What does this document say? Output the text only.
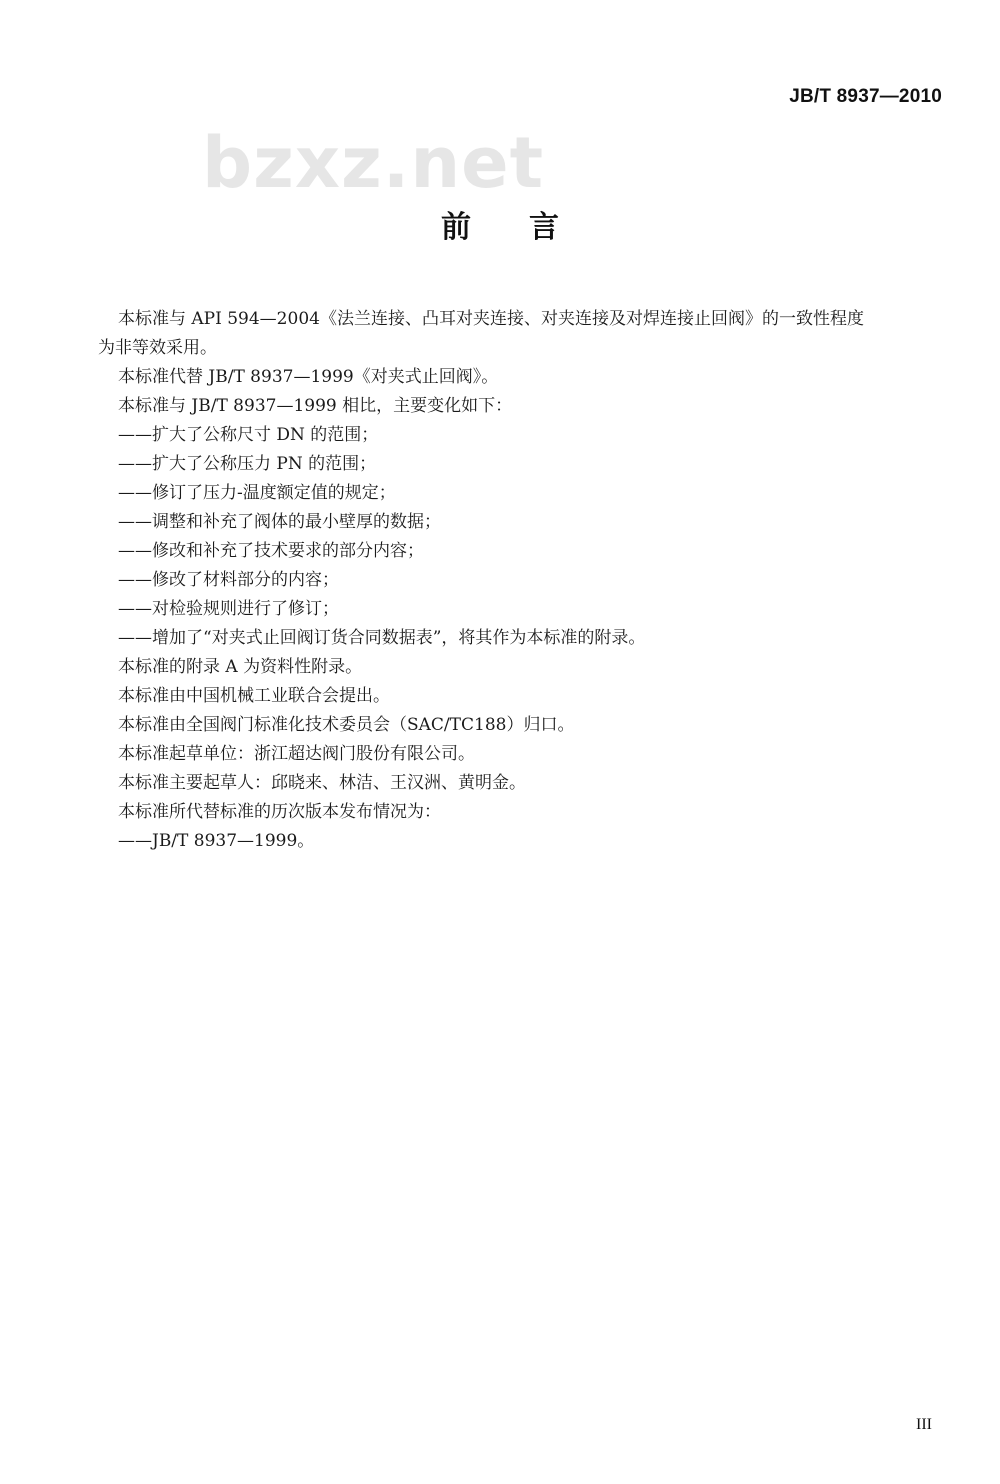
JB/T 8937—2010
bzxz.net
前 言

本标准与 API 594—2004《法兰连接、凸耳对夹连接、对夹连接及对焊连接止回阀》的一致性程度

为非等效采用。

本标准代替 JB/T 8937—1999《对夹式止回阀》。

本标准与 JB/T 8937—1999 相比，主要变化如下：

——扩大了公称尺寸 DN 的范围；

——扩大了公称压力 PN 的范围；

——修订了压力-温度额定值的规定；

——调整和补充了阀体的最小壁厚的数据；

——修改和补充了技术要求的部分内容；

——修改了材料部分的内容；

——对检验规则进行了修订；

——增加了“对夹式止回阀订货合同数据表”，将其作为本标准的附录。

本标准的附录 A 为资料性附录。

本标准由中国机械工业联合会提出。

本标准由全国阀门标准化技术委员会（SAC/TC188）归口。

本标准起草单位：浙江超达阀门股份有限公司。

本标准主要起草人：邱晓来、林洁、王汉洲、黄明金。

本标准所代替标准的历次版本发布情况为：

——JB/T 8937—1999。

III
